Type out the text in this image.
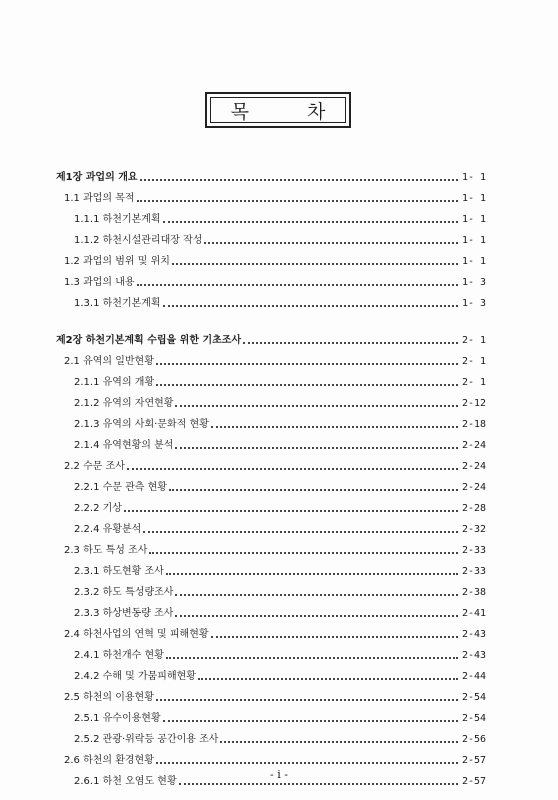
목 차
제1장 과업의 개요	1- 1
1.1 과업의 목적	1- 1
1.1.1 하천기본계획	1- 1
1.1.2 하천시설관리대장 작성	1- 1
1.2 과업의 범위 및 위치	1- 1
1.3 과업의 내용	1- 3
1.3.1 하천기본계획	1- 3
제2장 하천기본계획 수립을 위한 기초조사	2- 1
2.1 유역의 일반현황	2- 1
2.1.1 유역의 개황	2- 1
2.1.2 유역의 자연현황	2-12
2.1.3 유역의 사회·문화적 현황	2-18
2.1.4 유역현황의 분석	2-24
2.2 수문 조사	2-24
2.2.1 수문 관측 현황	2-24
2.2.2 기상	2-28
2.2.4 유황분석	2-32
2.3 하도 특성 조사	2-33
2.3.1 하도현황 조사	2-33
2.3.2 하도 특성량조사	2-38
2.3.3 하상변동량 조사	2-41
2.4 하천사업의 연혁 및 피해현황	2-43
2.4.1 하천개수 현황	2-43
2.4.2 수해 및 가뭄피해현황	2-44
2.5 하천의 이용현황	2-54
2.5.1 유수이용현황	2-54
2.5.2 관광·위락등 공간이용 조사	2-56
2.6 하천의 환경현황	2-57
2.6.1 하천 오염도 현황	2-57
- i -
